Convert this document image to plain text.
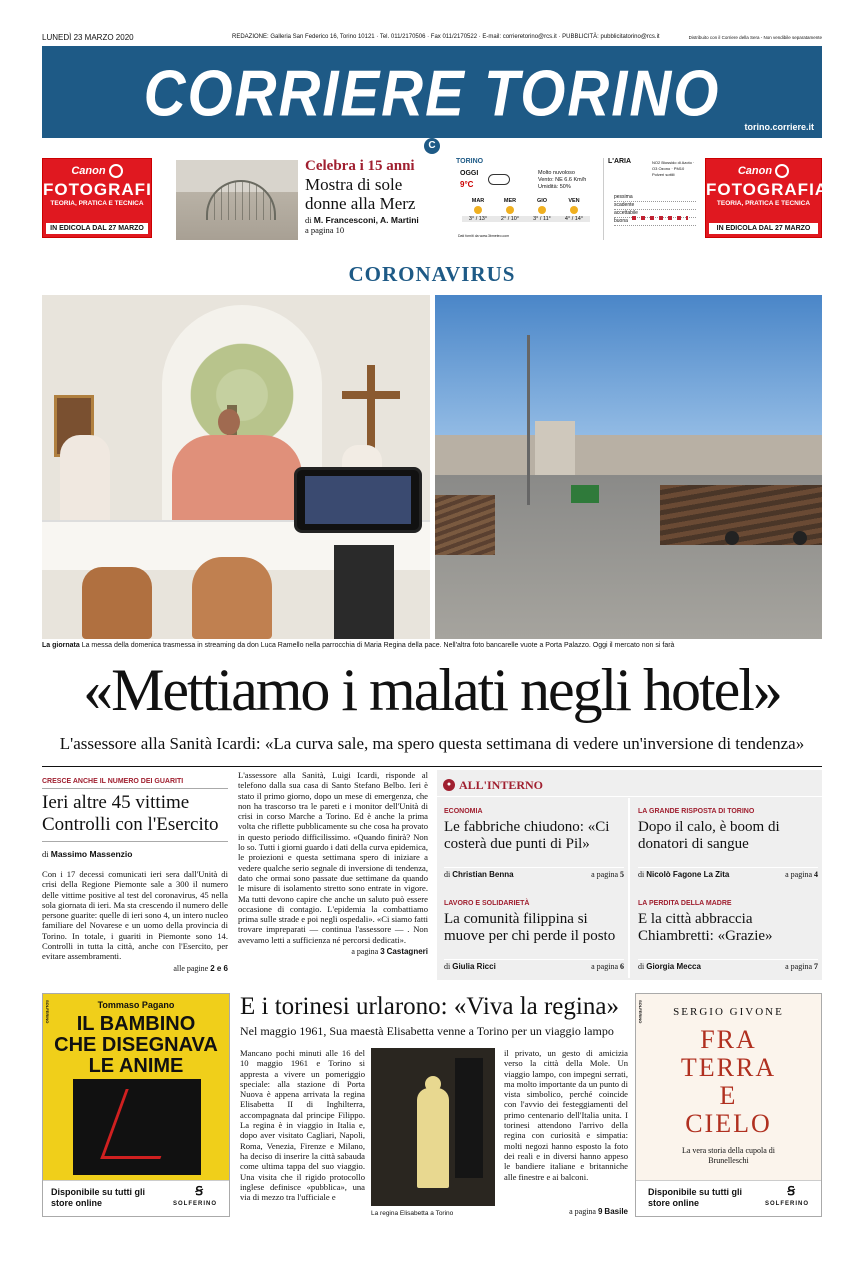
LUNEDÌ 23 MARZO 2020	REDAZIONE: Galleria San Federico 16, Torino 10121 · Tel. 011/2170506 · Fax 011/2170522 · E-mail: corrieretorino@rcs.it · PUBBLICITÀ: pubblicitatorino@rcs.it	Distribuito con il Corriere della Sera - Non vendibile separatamente
CORRIERE TORINO	torino.corriere.it
C
Canon
FOTOGRAFIA
TEORIA, PRATICA E TECNICA
IN EDICOLA DAL 27 MARZO
Canon
FOTOGRAFIA
TEORIA, PRATICA E TECNICA
IN EDICOLA DAL 27 MARZO
Celebra i 15 anni
Mostra di sole
donne alla Merz
di M. Francesconi, A. Martini
a pagina 10
TORINO
OGGI
9°C
Molto nuvoloso
Vento: NE 6.6 Km/h
Umidità: 50%
MAR
3° / 13°
MER
2° / 10°
GIO
3° / 11°
VEN
4° / 14°
Dati forniti da www.3bmeteo.com
L'ARIA
pessima
scadente
accettabile
buona
NO2 Biossido di Azoto · O3 Ozono · PM10 Polveri sottili
CORONAVIRUS
La giornata La messa della domenica trasmessa in streaming da don Luca Ramello nella parrocchia di Maria Regina della pace. Nell'altra foto bancarelle vuote a Porta Palazzo. Oggi il mercato non si farà
«Mettiamo i malati negli hotel»
L'assessore alla Sanità Icardi: «La curva sale, ma spero questa settimana di vedere un'inversione di tendenza»
CRESCE ANCHE IL NUMERO DEI GUARITI
Ieri altre 45 vittime Controlli con l'Esercito
di Massimo Massenzio
Con i 17 decessi comunicati ieri sera dall'Unità di crisi della Regione Piemonte sale a 300 il numero delle vittime positive al test del coronavirus, 45 nella sola giornata di ieri. Ma sta crescendo il numero delle persone guarite: quelle di ieri sono 4, un intero nucleo familiare del Novarese e un uomo della provincia di Torino. In totale, i guariti in Piemonte sono 14. Controlli in tutta la città, anche con l'Esercito, per evitare assembramenti.
alle pagine 2 e 6
L'assessore alla Sanità, Luigi Icardi, risponde al telefono dalla sua casa di Santo Stefano Belbo. Ieri è stato il primo giorno, dopo un mese di emergenza, che non ha trascorso tra le pareti e i monitor dell'Unità di crisi in corso Marche a Torino. Ed è anche la prima volta che riflette pubblicamente su che cosa ha provato in questo periodo difficilissimo. «Quando finirà? Non lo so. Tutti i giorni guardo i dati della curva epidemica, le proiezioni e questa settimana spero di iniziare a vedere qualche serio segnale di inversione di tendenza, dato che ormai sono passate due settimane da quando le misure di isolamento stretto sono entrate in vigore. Ma tutti devono capire che anche un saluto può essere occasione di contagio. L'epidemia la combattiamo prima sulle strade e poi negli ospedali». «Ci siamo fatti trovare impreparati — continua l'assessore — . Non avevamo letti a sufficienza né percorsi dedicati».
a pagina 3 Castagneri
● ALL'INTERNO
ECONOMIA
Le fabbriche chiudono: «Ci costerà due punti di Pil»
di Christian Benna	a pagina 5
LA GRANDE RISPOSTA DI TORINO
Dopo il calo, è boom di donatori di sangue
di Nicolò Fagone La Zita	a pagina 4
LAVORO E SOLIDARIETÀ
La comunità filippina si muove per chi perde il posto
di Giulia Ricci	a pagina 6
LA PERDITA DELLA MADRE
E la città abbraccia Chiambretti: «Grazie»
di Giorgia Mecca	a pagina 7
SOLFERINO	Tommaso Pagano
IL BAMBINO CHE DISEGNAVA LE ANIME
Disponibile su tutti gli store online	SOLFERINO
Ꞩ
E i torinesi urlarono: «Viva la regina»
Nel maggio 1961, Sua maestà Elisabetta venne a Torino per un viaggio lampo
Mancano pochi minuti alle 16 del 10 maggio 1961 e Torino si appresta a vivere un pomeriggio speciale: alla stazione di Porta Nuova è appena arrivata la regina Elisabetta II di Inghilterra, accompagnata dal principe Filippo. La regina è in viaggio in Italia e, dopo aver visitato Cagliari, Napoli, Roma, Venezia, Firenze e Milano, ha deciso di inserire la città sabauda come ultima tappa del suo viaggio. Una visita che il rigido protocollo inglese definisce «pubblica», una via di mezzo tra l'ufficiale e
La regina Elisabetta a Torino
il privato, un gesto di amicizia verso la città della Mole. Un viaggio lampo, con impegni serrati, ma molto importante da un punto di vista simbolico, perché coincide con l'avvio dei festeggiamenti del primo centenario dell'Italia unita. I torinesi attendono l'arrivo della regina con curiosità e simpatia: molti negozi hanno esposto la foto dei reali e in diversi hanno appeso le bandiere italiane e britanniche alle finestre e ai balconi.
a pagina 9 Basile
SOLFERINO	SERGIO GIVONE
FRA
TERRA
E
CIELO
La vera storia della cupola di Brunelleschi
Disponibile su tutti gli store online	SOLFERINO
Ꞩ
